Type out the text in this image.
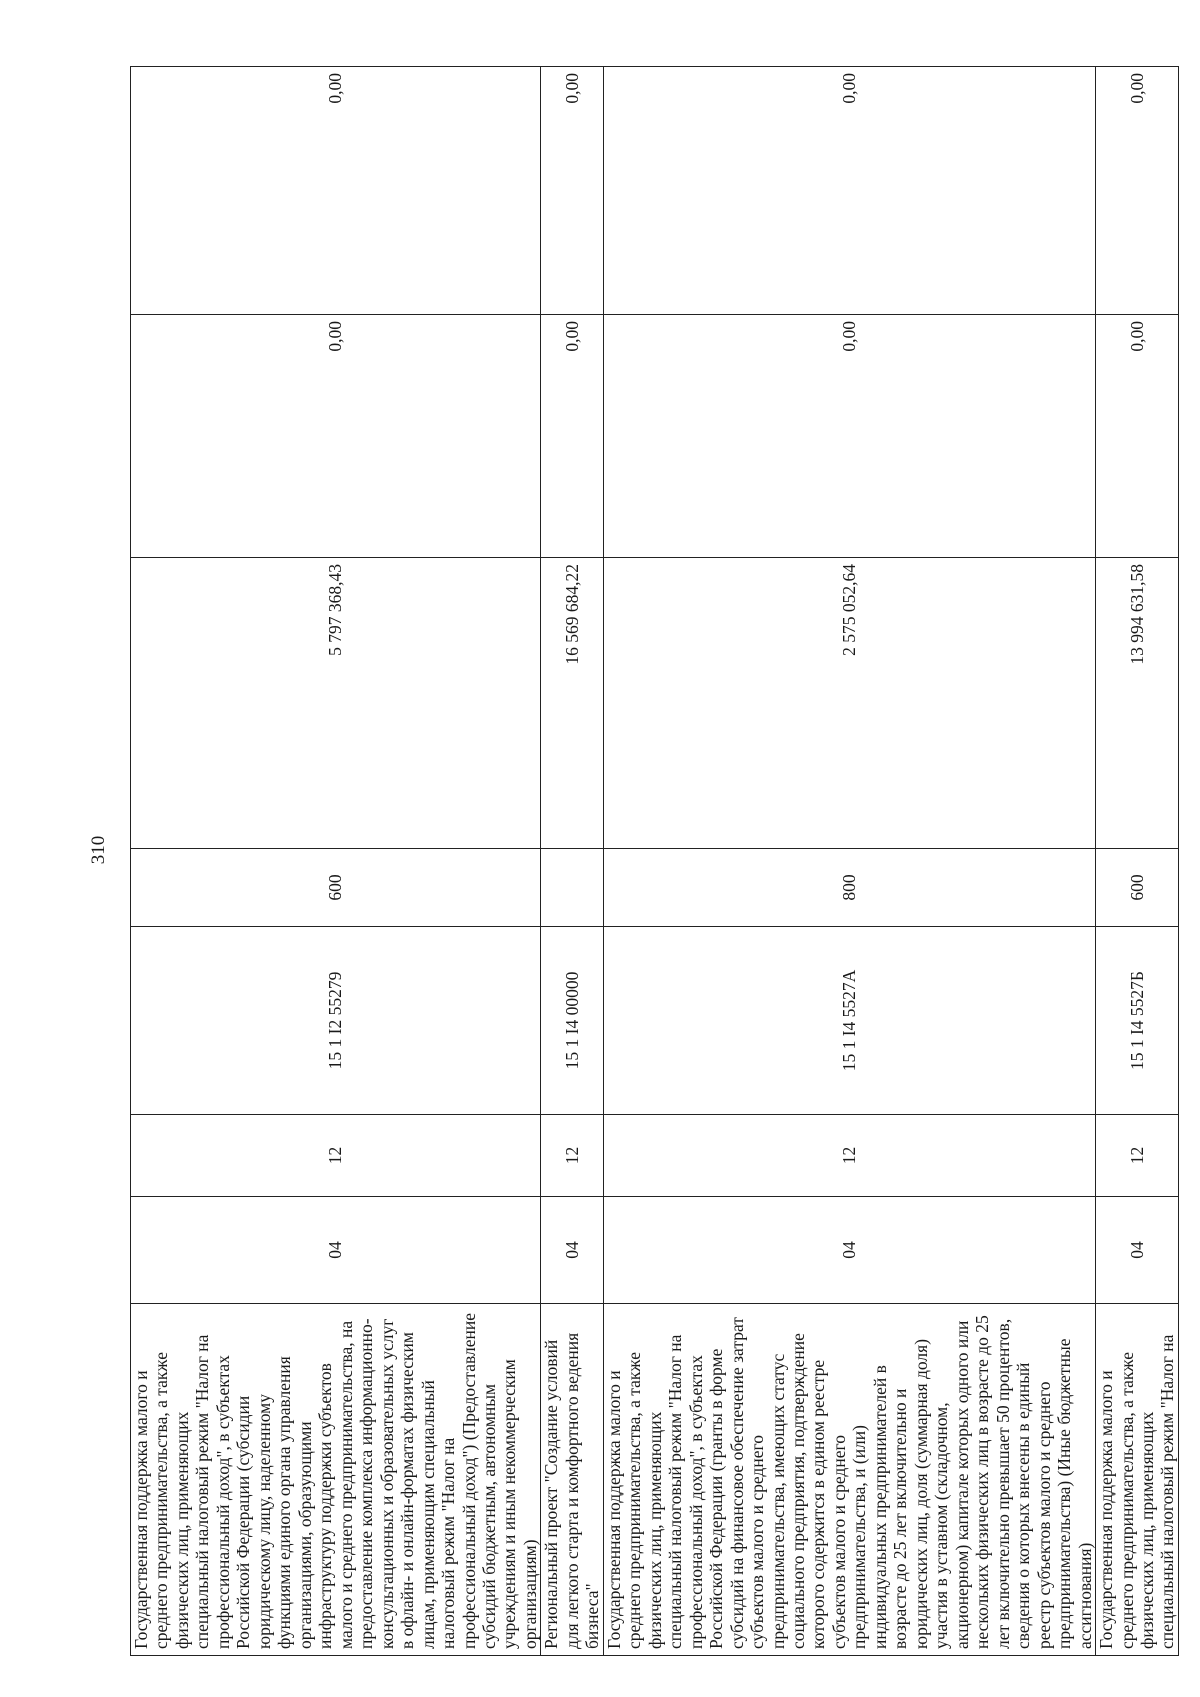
310
Государственная поддержка малого и среднего предпринимательства, а также физических лиц, применяющих специальный налоговый режим "Налог на профессиональный доход", в субъектах Российской Федерации (субсидии юридическому лицу, наделенному функциями единого органа управления организациями, образующими инфраструктуру поддержки субъектов малого и среднего предпринимательства, на предоставление комплекса информационно-консультационных и образовательных услуг в офлайн- и онлайн-форматах физическим лицам, применяющим специальный налоговый режим "Налог на профессиональный доход") (Предоставление субсидий бюджетным, автономным учреждениям и иным некоммерческим организациям)	04	12	15 1 I2 55279	600	5 797 368,43	0,00	0,00
Региональный проект "Создание условий для легкого старта и комфортного ведения бизнеса"	04	12	15 1 I4 00000		16 569 684,22	0,00	0,00
Государственная поддержка малого и среднего предпринимательства, а также физических лиц, применяющих специальный налоговый режим "Налог на профессиональный доход", в субъектах Российской Федерации (гранты в форме субсидий на финансовое обеспечение затрат субъектов малого и среднего предпринимательства, имеющих статус социального предприятия, подтверждение которого содержится в едином реестре субъектов малого и среднего предпринимательства, и (или) индивидуальных предпринимателей в возрасте до 25 лет включительно и юридических лиц, доля (суммарная доля) участия в уставном (складочном, акционерном) капитале которых одного или нескольких физических лиц в возрасте до 25 лет включительно превышает 50 процентов, сведения о которых внесены в единый реестр субъектов малого и среднего предпринимательства) (Иные бюджетные ассигнования)	04	12	15 1 I4 5527А	800	2 575 052,64	0,00	0,00
Государственная поддержка малого и среднего предпринимательства, а также физических лиц, применяющих специальный налоговый режим "Налог на	04	12	15 1 I4 5527Б	600	13 994 631,58	0,00	0,00
